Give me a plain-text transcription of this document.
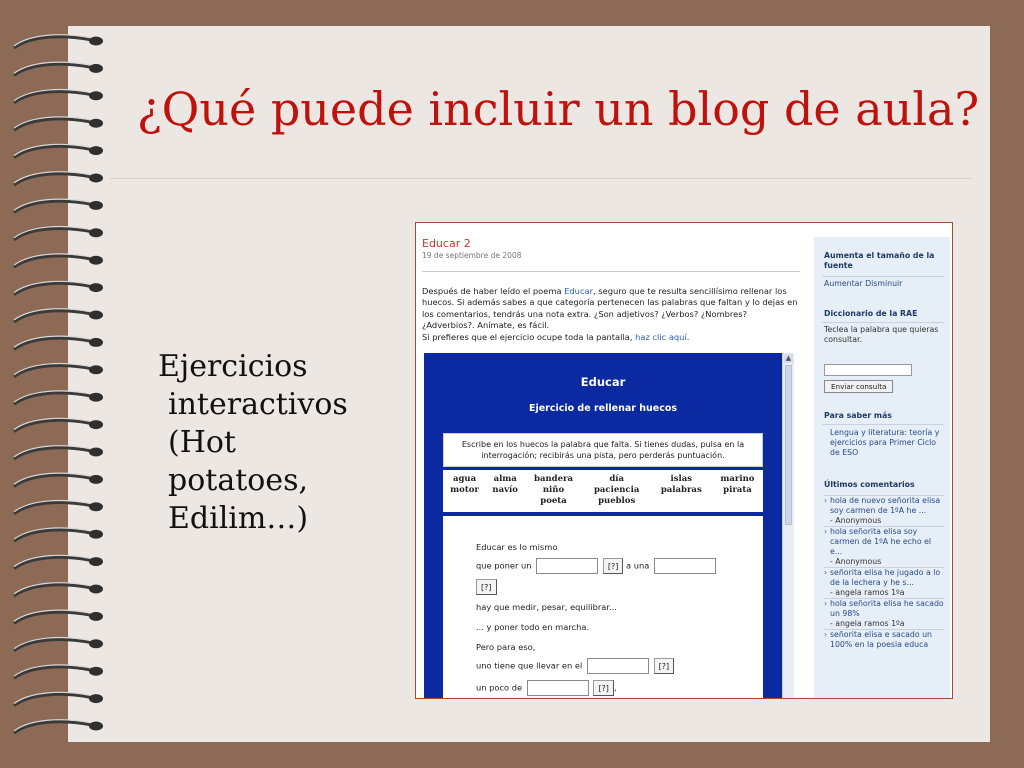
¿Qué puede incluir un blog de aula?
Ejercicios
interactivos
(Hot
potatoes,
Edilim…)
Educar 2
19 de septiembre de 2008
Después de haber leído el poema Educar, seguro que te resulta sencillísimo rellenar los huecos. Si además sabes a que categoría pertenecen las palabras que faltan y lo dejas en los comentarios, tendrás una nota extra. ¿Son adjetivos? ¿Verbos? ¿Nombres? ¿Adverbios?. Anímate, es fácil.
Si prefieres que el ejercicio ocupe toda la pantalla, haz clic aquí.
Educar
Ejercicio de rellenar huecos
Escribe en los huecos la palabra que falta. Si tienes dudas, pulsa en la interrogación; recibirás una pista, pero perderás puntuación.
agua	alma	bandera	día	islas	marino
motor	navío	niño	paciencia	palabras	pirata
		poeta	pueblos		
Educar es lo mismo
que poner un	[?] a una
[?]
hay que medir, pesar, equilibrar...
... y poner todo en marcha.
Pero para eso,
uno tiene que llevar en el	[?]
un poco de	[?] ,
▲
Aumenta el tamaño de la fuente
Aumentar Disminuir
Diccionario de la RAE
Teclea la palabra que quieras consultar.
Enviar consulta
Para saber más
Lengua y literatura: teoría y ejercicios para Primer Ciclo de ESO
Últimos comentarios
› hola de nuevo señorita elisa soy carmen de 1ºA he ...
- Anonymous
› hola señorita elisa soy carmen de 1ºA he echo el e...
- Anonymous
› señorita elisa he jugado a lo de la lechera y he s...
- angela ramos 1ºa
› hola señorita elisa he sacado un 98%
- angela ramos 1ºa
› señorita elisa e sacado un 100% en la poesia educa
